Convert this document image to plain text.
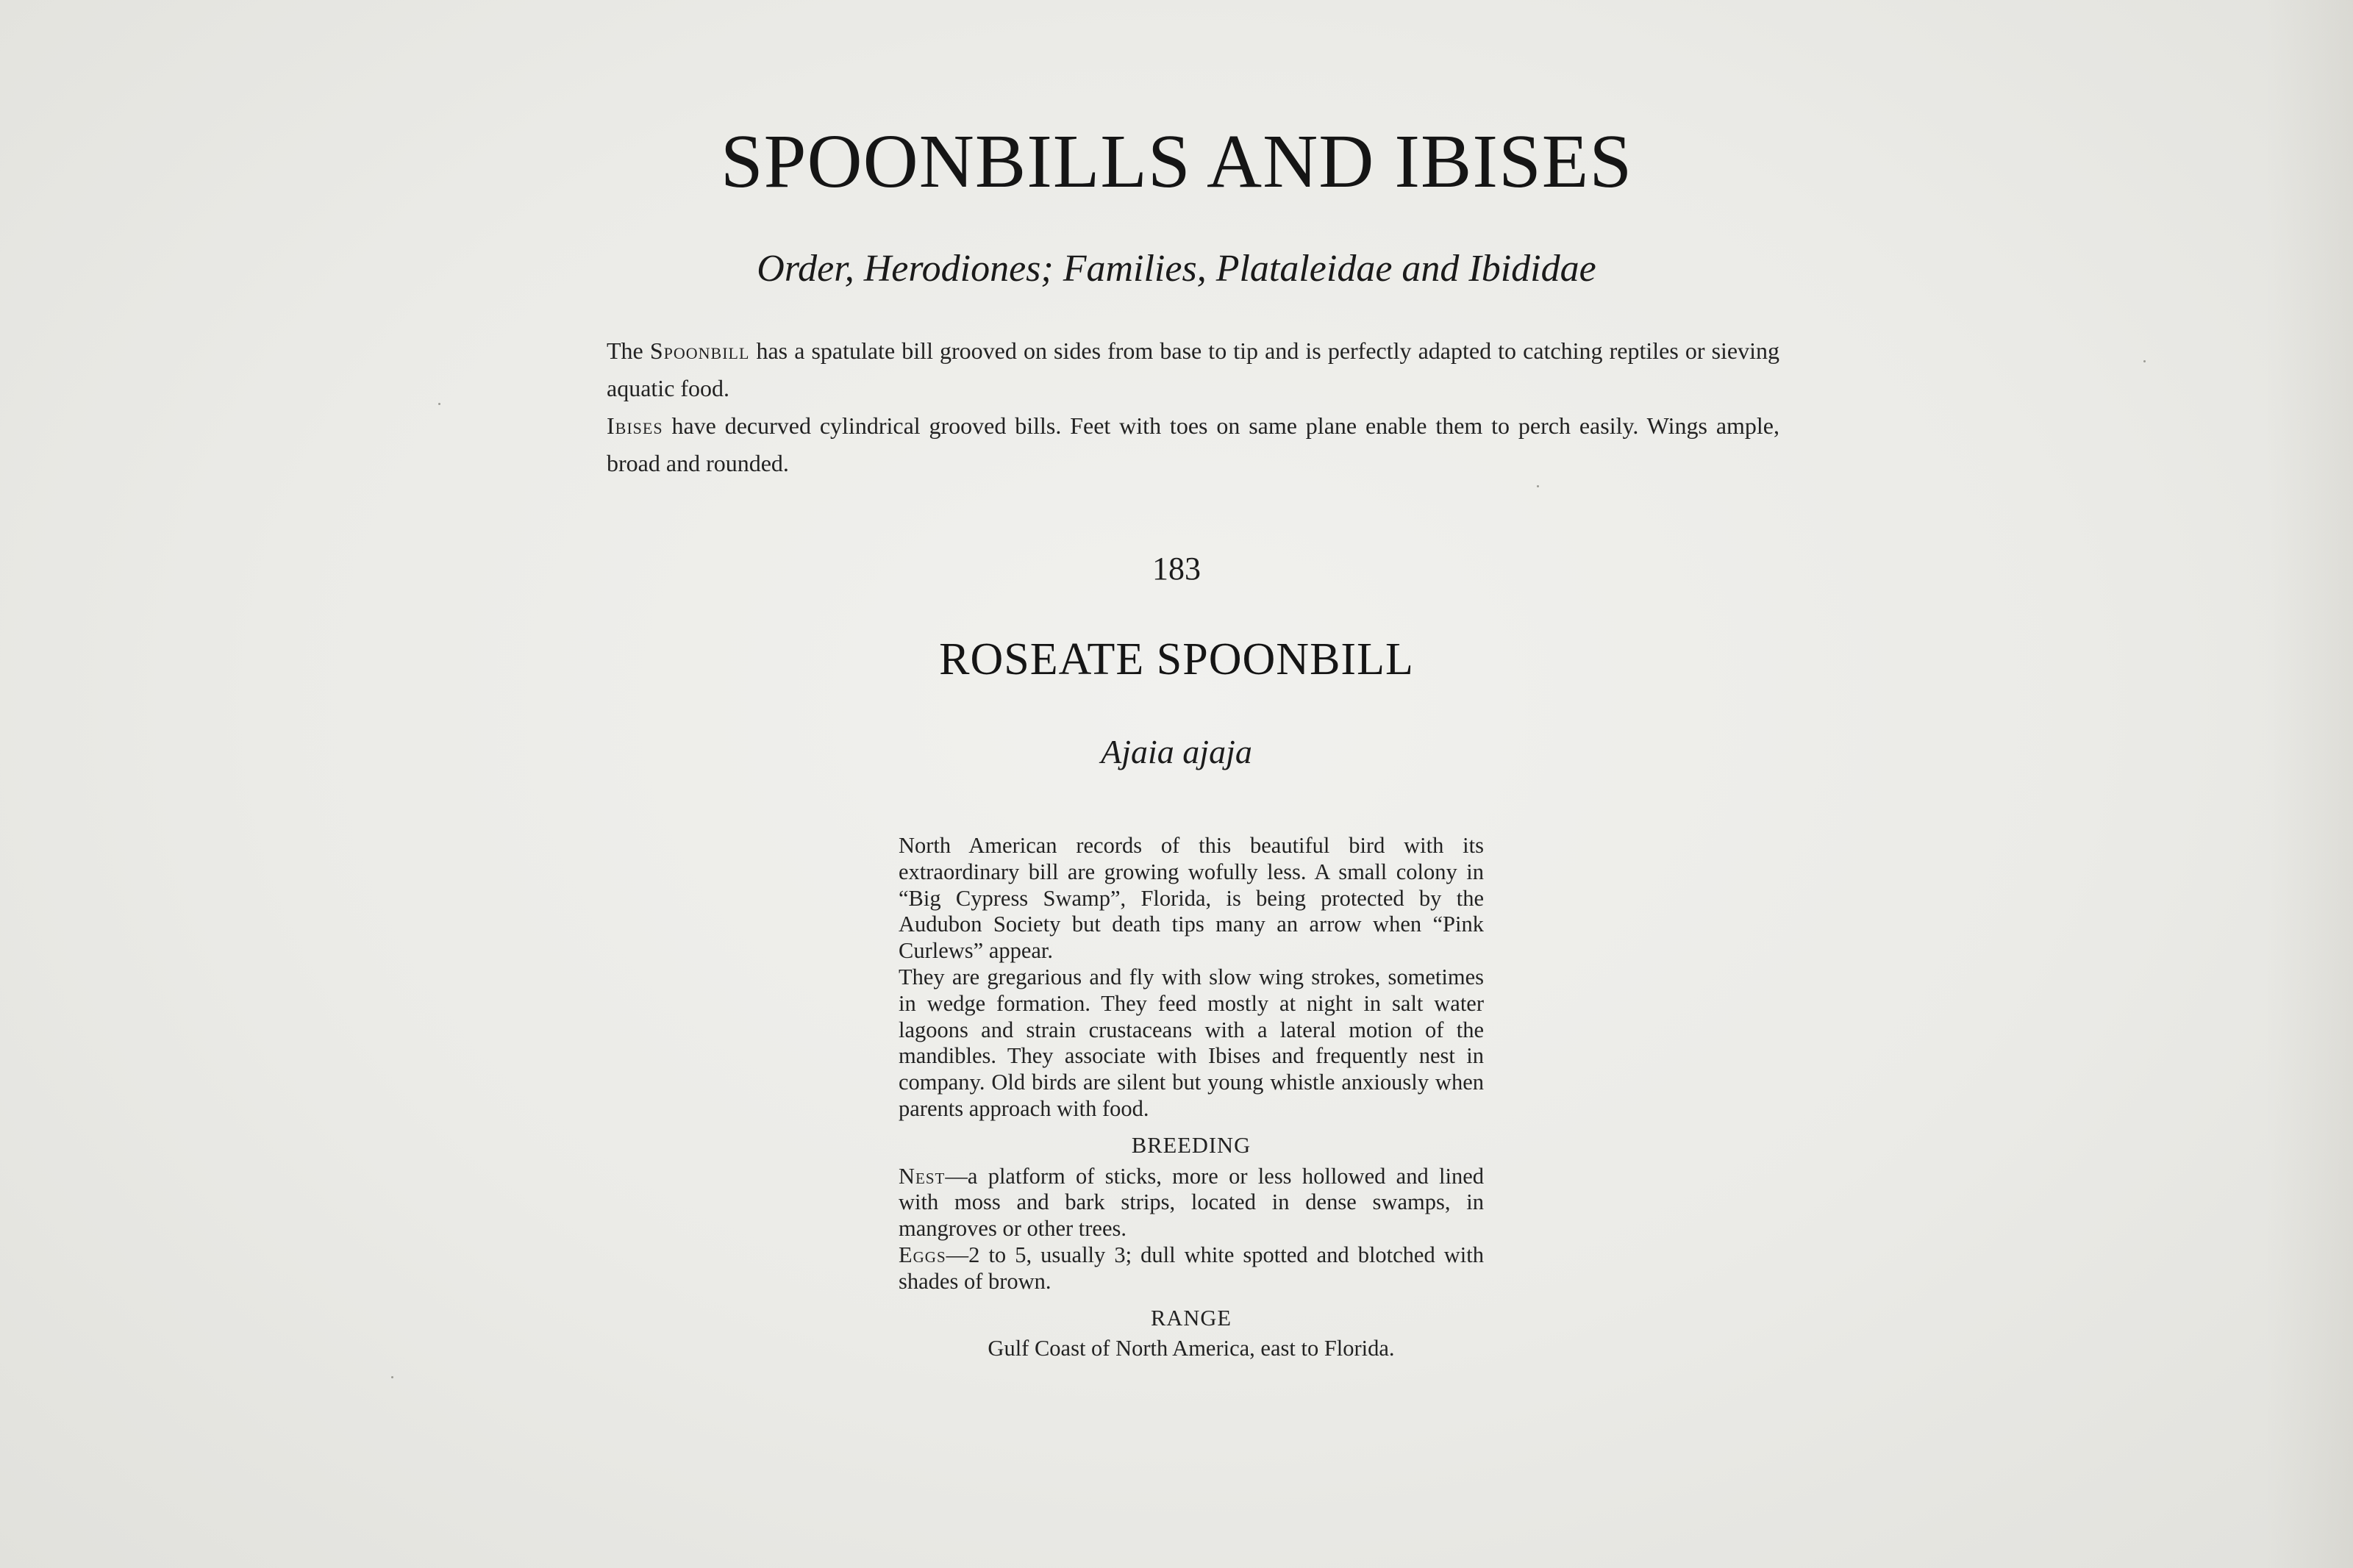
SPOONBILLS AND IBISES
Order, Herodiones; Families, Plataleidae and Ibididae

The Spoonbill has a spatulate bill grooved on sides from base to tip and is perfectly adapted to catching reptiles or sieving aquatic food.

Ibises have decurved cylindrical grooved bills. Feet with toes on same plane enable them to perch easily. Wings ample, broad and rounded.

183
ROSEATE SPOONBILL
Ajaia ajaja

North American records of this beautiful bird with its extraordinary bill are growing wofully less. A small colony in “Big Cypress Swamp”, Florida, is being protected by the Audubon Society but death tips many an arrow when “Pink Curlews” appear.

They are gregarious and fly with slow wing strokes, sometimes in wedge formation. They feed mostly at night in salt water lagoons and strain crustaceans with a lateral motion of the mandibles. They associate with Ibises and frequently nest in company. Old birds are silent but young whistle anxiously when parents approach with food.

BREEDING

Nest—a platform of sticks, more or less hollowed and lined with moss and bark strips, located in dense swamps, in mangroves or other trees.

Eggs—2 to 5, usually 3; dull white spotted and blotched with shades of brown.

RANGE
Gulf Coast of North America, east to Florida.
